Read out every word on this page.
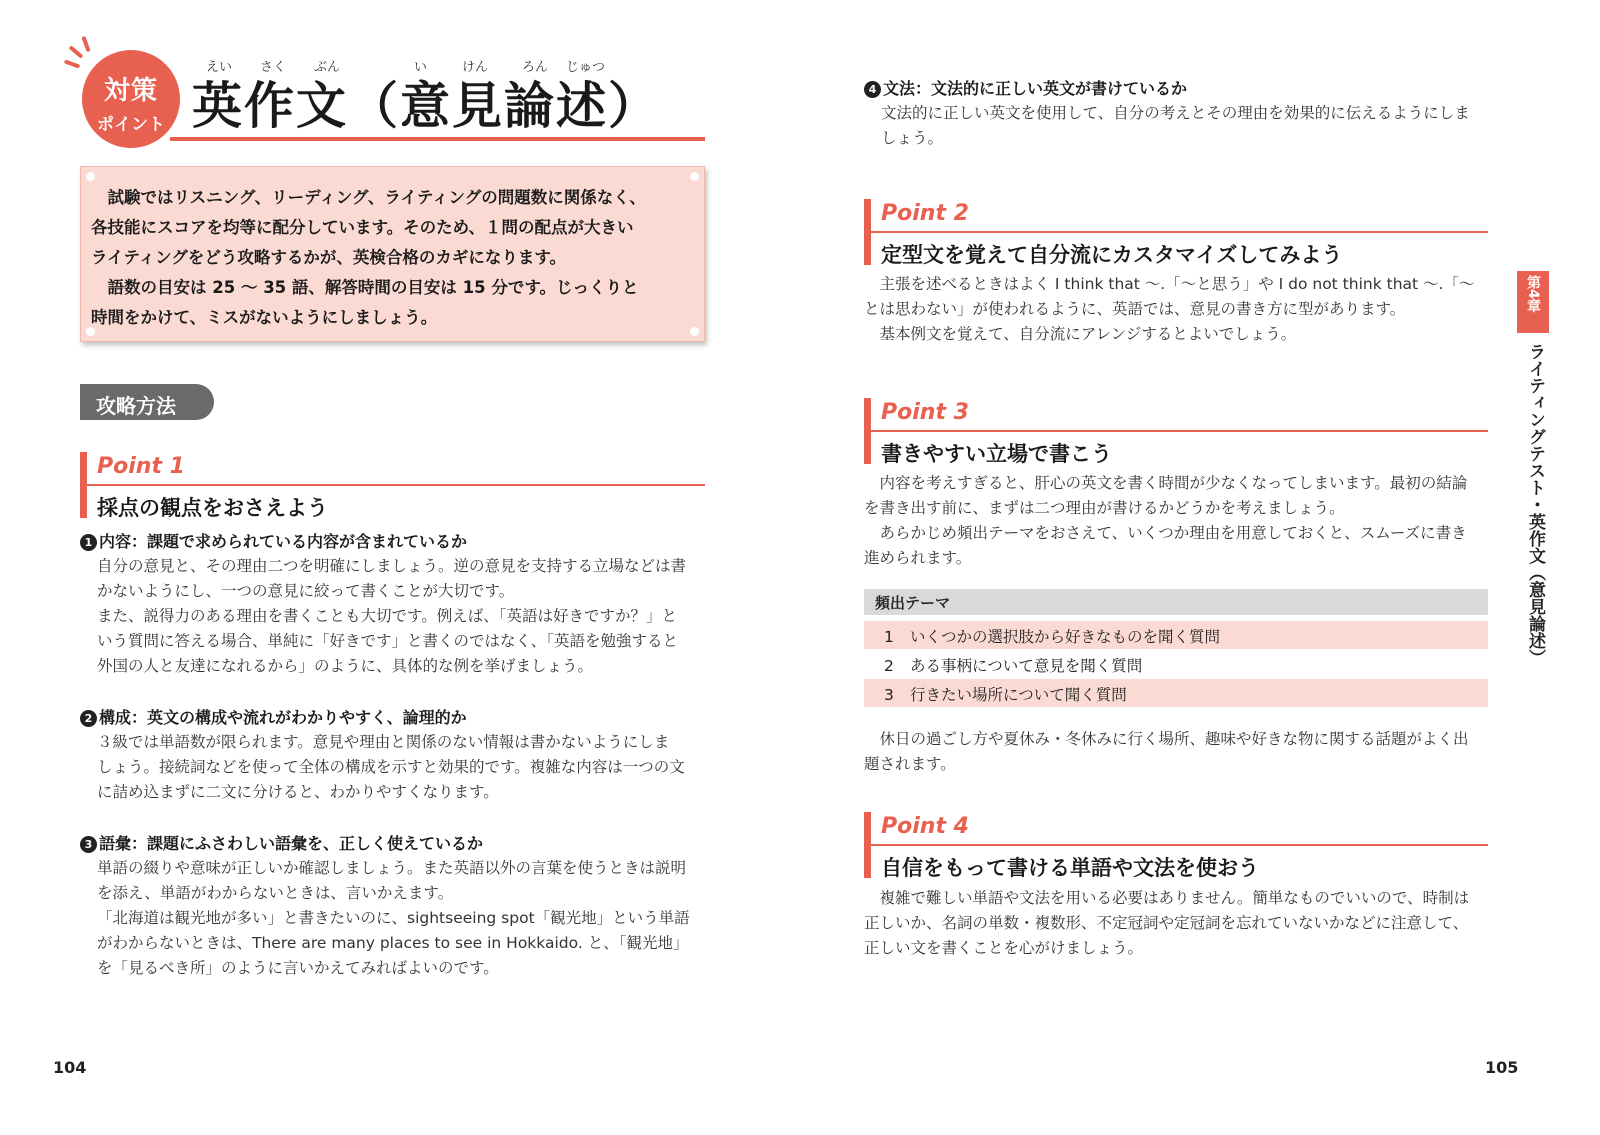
対策
ポイント
えい さく ぶん	い	けん	ろん じゅつ
英作文（意見論述）

　試験ではリスニング、リーディング、ライティングの問題数に関係なく、

各技能にスコアを均等に配分しています。そのため、１問の配点が大きい

ライティングをどう攻略するかが、英検合格のカギになります。

　語数の目安は 25 ～ 35 語、解答時間の目安は 15 分です。じっくりと

時間をかけて、ミスがないようにしましょう。

攻略方法
Point 1
採点の観点をおさえよう

1 内容：課題で求められている内容が含まれているか

自分の意見と、その理由二つを明確にしましょう。逆の意見を支持する立場などは書

かないようにし、一つの意見に絞って書くことが大切です。

また、説得力のある理由を書くことも大切です。例えば、「英語は好きですか？」と

いう質問に答える場合、単純に「好きです」と書くのではなく、「英語を勉強すると

外国の人と友達になれるから」のように、具体的な例を挙げましょう。

2 構成：英文の構成や流れがわかりやすく、論理的か

３級では単語数が限られます。意見や理由と関係のない情報は書かないようにしま

しょう。接続詞などを使って全体の構成を示すと効果的です。複雑な内容は一つの文

に詰め込まずに二文に分けると、わかりやすくなります。

3 語彙：課題にふさわしい語彙を、正しく使えているか

単語の綴りや意味が正しいか確認しましょう。また英語以外の言葉を使うときは説明

を添え、単語がわからないときは、言いかえます。

「北海道は観光地が多い」と書きたいのに、sightseeing spot「観光地」という単語

がわからないときは、There are many places to see in Hokkaido. と、「観光地」

を「見るべき所」のように言いかえてみればよいのです。

104

4 文法：文法的に正しい英文が書けているか

文法的に正しい英文を使用して、自分の考えとその理由を効果的に伝えるようにしま

しょう。

Point 2
定型文を覚えて自分流にカスタマイズしてみよう

　主張を述べるときはよく I think that ～.「～と思う」や I do not think that ～.「～

とは思わない」が使われるように、英語では、意見の書き方に型があります。

　基本例文を覚えて、自分流にアレンジするとよいでしょう。

Point 3
書きやすい立場で書こう

　内容を考えすぎると、肝心の英文を書く時間が少なくなってしまいます。最初の結論

を書き出す前に、まずは二つ理由が書けるかどうかを考えましょう。

　あらかじめ頻出テーマをおさえて、いくつか理由を用意しておくと、スムーズに書き

進められます。

頻出テーマ
1 いくつかの選択肢から好きなものを聞く質問
2 ある事柄について意見を聞く質問
3 行きたい場所について聞く質問

　休日の過ごし方や夏休み・冬休みに行く場所、趣味や好きな物に関する話題がよく出

題されます。

Point 4
自信をもって書ける単語や文法を使おう

　複雑で難しい単語や文法を用いる必要はありません。簡単なものでいいので、時制は

正しいか、名詞の単数・複数形、不定冠詞や定冠詞を忘れていないかなどに注意して、

正しい文を書くことを心がけましょう。

第4章
ライティングテスト・英作文（意見論述）
105
